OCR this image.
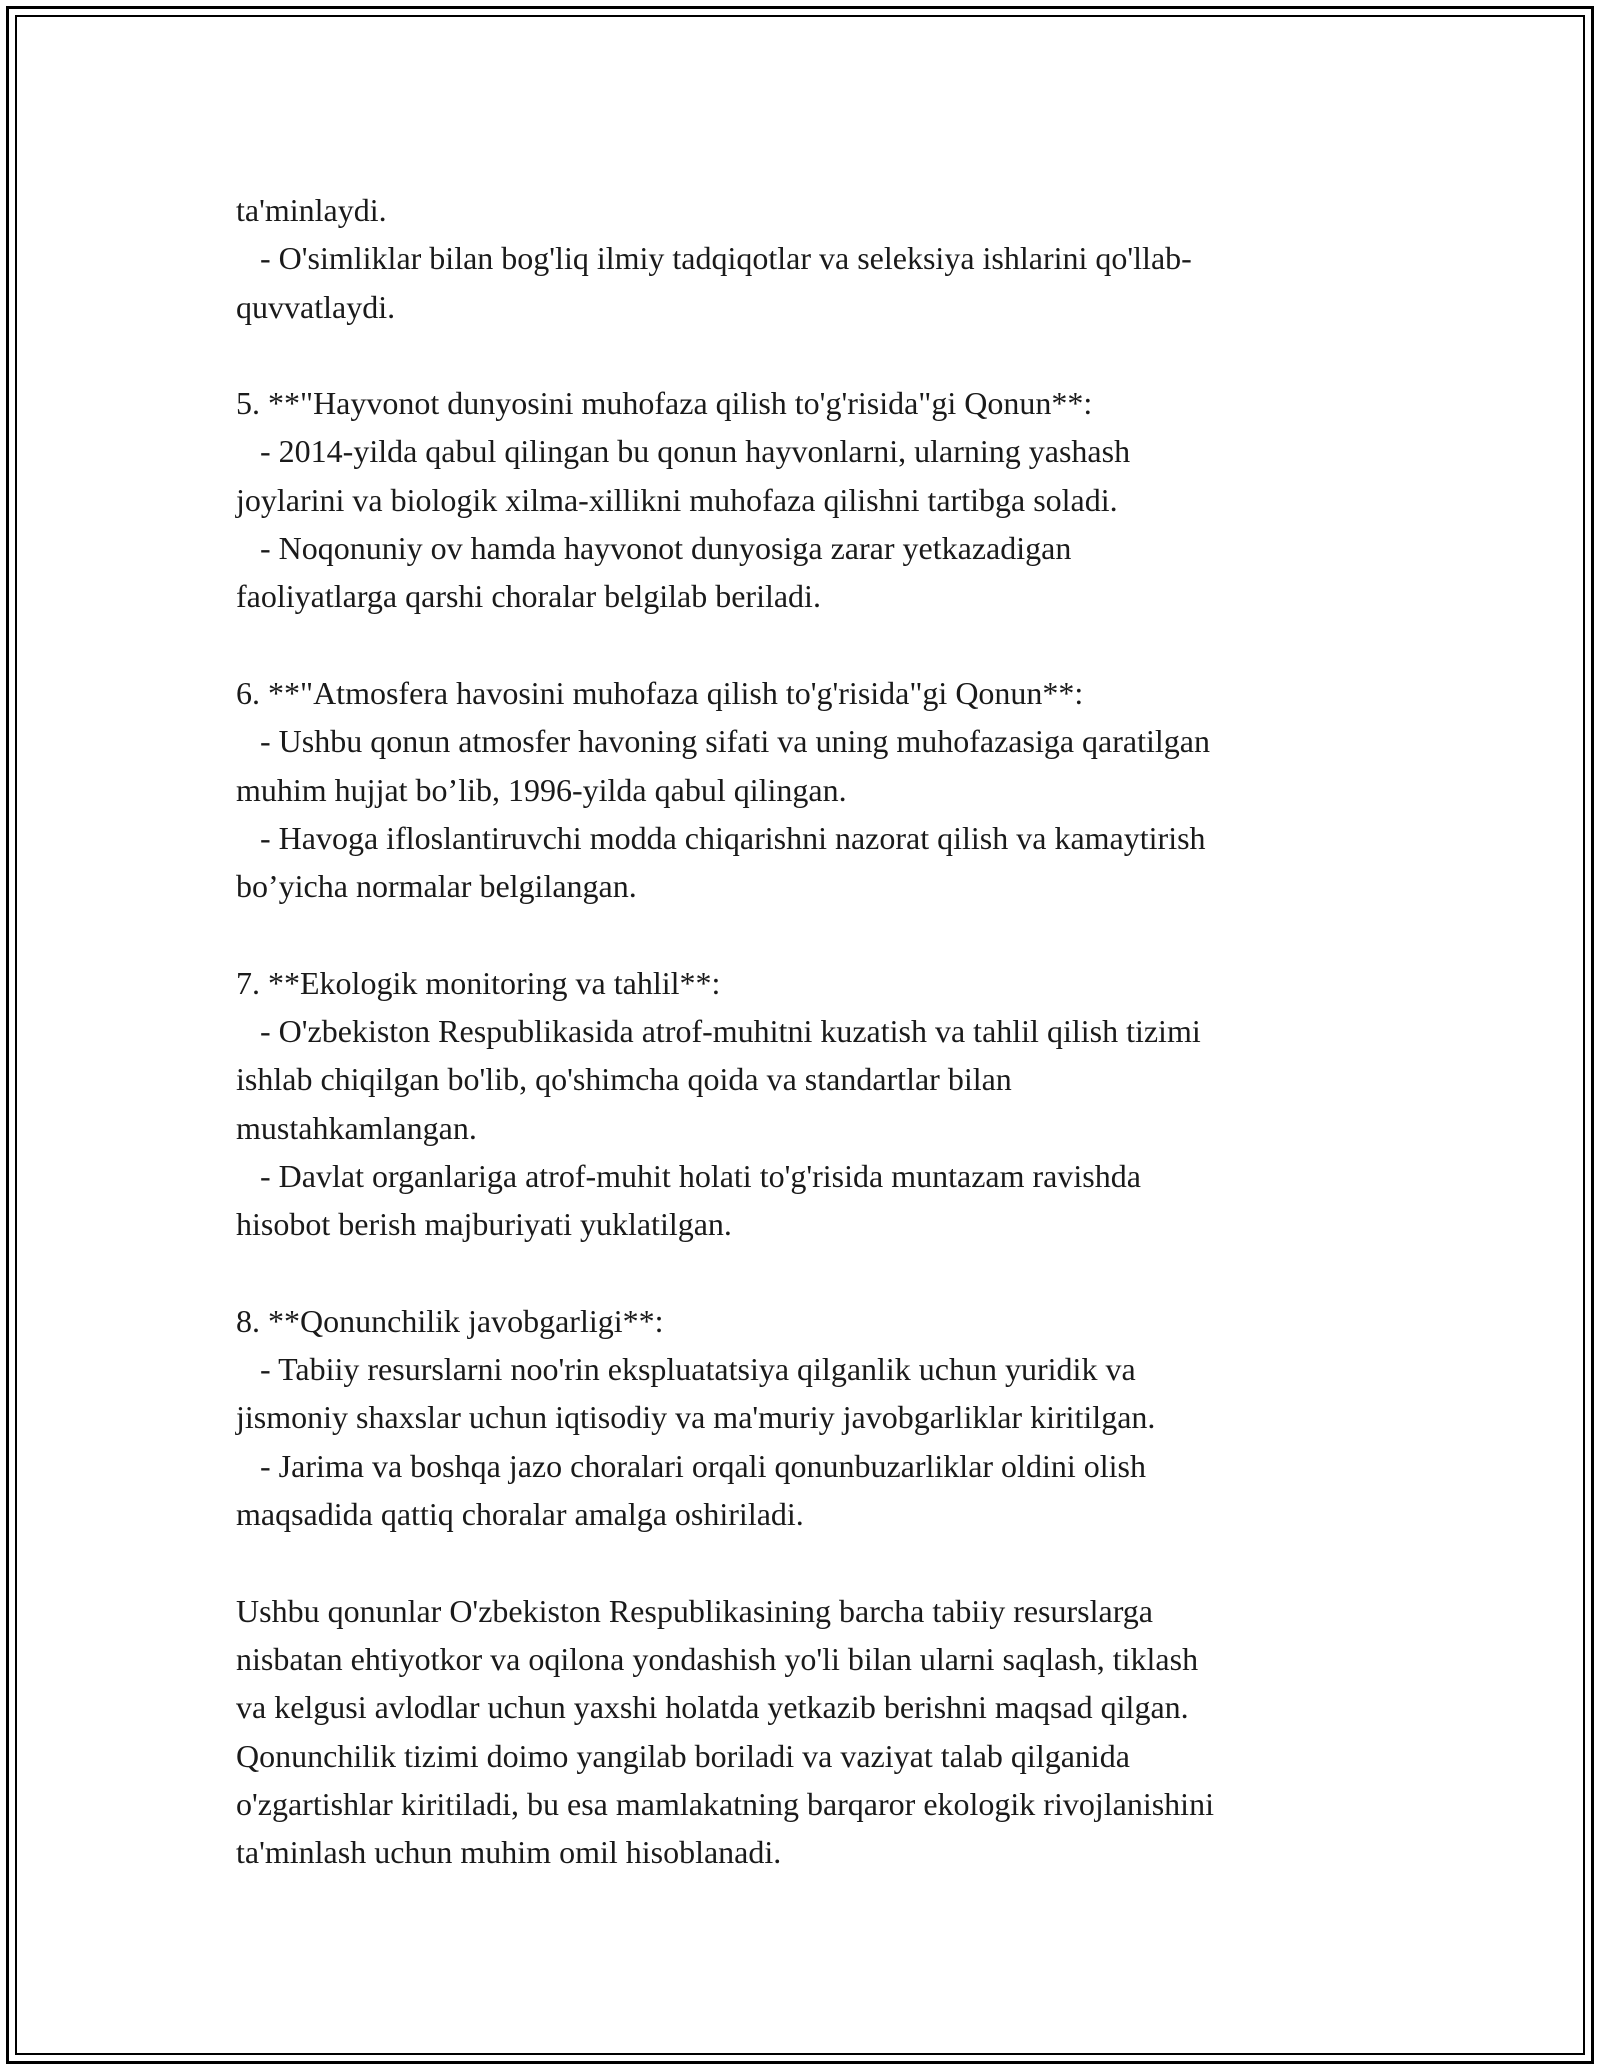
ta'minlaydi.
- O'simliklar bilan bog'liq ilmiy tadqiqotlar va seleksiya ishlarini qo'llab-
quvvatlaydi.
5. **"Hayvonot dunyosini muhofaza qilish to'g'risida"gi Qonun**:
- 2014-yilda qabul qilingan bu qonun hayvonlarni, ularning yashash
joylarini va biologik xilma-xillikni muhofaza qilishni tartibga soladi.
- Noqonuniy ov hamda hayvonot dunyosiga zarar yetkazadigan
faoliyatlarga qarshi choralar belgilab beriladi.
6. **"Atmosfera havosini muhofaza qilish to'g'risida"gi Qonun**:
- Ushbu qonun atmosfer havoning sifati va uning muhofazasiga qaratilgan
muhim hujjat bo’lib, 1996-yilda qabul qilingan.
- Havoga ifloslantiruvchi modda chiqarishni nazorat qilish va kamaytirish
bo’yicha normalar belgilangan.
7. **Ekologik monitoring va tahlil**:
- O'zbekiston Respublikasida atrof-muhitni kuzatish va tahlil qilish tizimi
ishlab chiqilgan bo'lib, qo'shimcha qoida va standartlar bilan
mustahkamlangan.
- Davlat organlariga atrof-muhit holati to'g'risida muntazam ravishda
hisobot berish majburiyati yuklatilgan.
8. **Qonunchilik javobgarligi**:
- Tabiiy resurslarni noo'rin ekspluatatsiya qilganlik uchun yuridik va
jismoniy shaxslar uchun iqtisodiy va ma'muriy javobgarliklar kiritilgan.
- Jarima va boshqa jazo choralari orqali qonunbuzarliklar oldini olish
maqsadida qattiq choralar amalga oshiriladi.
Ushbu qonunlar O'zbekiston Respublikasining barcha tabiiy resurslarga
nisbatan ehtiyotkor va oqilona yondashish yo'li bilan ularni saqlash, tiklash
va kelgusi avlodlar uchun yaxshi holatda yetkazib berishni maqsad qilgan.
Qonunchilik tizimi doimo yangilab boriladi va vaziyat talab qilganida
o'zgartishlar kiritiladi, bu esa mamlakatning barqaror ekologik rivojlanishini
ta'minlash uchun muhim omil hisoblanadi.
